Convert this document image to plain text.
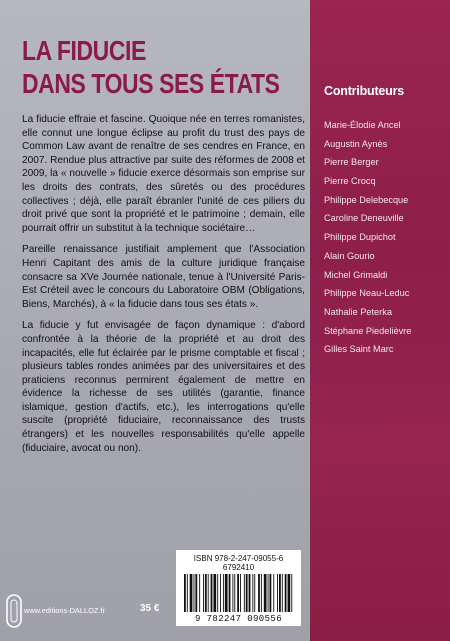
LA FIDUCIE
DANS TOUS SES ÉTATS

La fiducie effraie et fascine. Quoique née en terres romanistes, elle connut une longue éclipse au profit du trust des pays de Common Law avant de renaître de ses cendres en France, en 2007. Rendue plus attractive par suite des réformes de 2008 et 2009, la « nouvelle » fiducie exerce désormais son emprise sur les droits des contrats, des sûretés ou des procédures collectives ; déjà, elle paraît ébranler l'unité de ces piliers du droit privé que sont la propriété et le patrimoine ; demain, elle pourrait offrir un substitut à la technique sociétaire…

Pareille renaissance justifiait amplement que l'Association Henri Capitant des amis de la culture juridique française consacre sa XVe Journée nationale, tenue à l'Université Paris-Est Créteil avec le concours du Laboratoire OBM (Obligations, Biens, Marchés), à « la fiducie dans tous ses états ».

La fiducie y fut envisagée de façon dynamique : d'abord confrontée à la théorie de la propriété et au droit des incapacités, elle fut éclairée par le prisme comptable et fiscal ; plusieurs tables rondes animées par des universitaires et des praticiens reconnus permirent également de mettre en évidence la richesse de ses utilités (garantie, finance islamique, gestion d'actifs, etc.), les interrogations qu'elle suscite (propriété fiduciaire, reconnaissance des trusts étrangers) et les nouvelles responsabilités qu'elle appelle (fiduciaire, avocat ou non).

Contributeurs
Marie-Élodie Ancel
Augustin Aynès
Pierre Berger
Pierre Crocq
Philippe Delebecque
Caroline Deneuville
Philippe Dupichot
Alain Gourio
Michel Grimaldi
Philippe Neau-Leduc
Nathalie Peterka
Stéphane Piedelièvre
Gilles Saint Marc
ISBN 978-2-247-09055-6
6792410
9 782247 090556
www.editions-DALLOZ.fr	35 €
